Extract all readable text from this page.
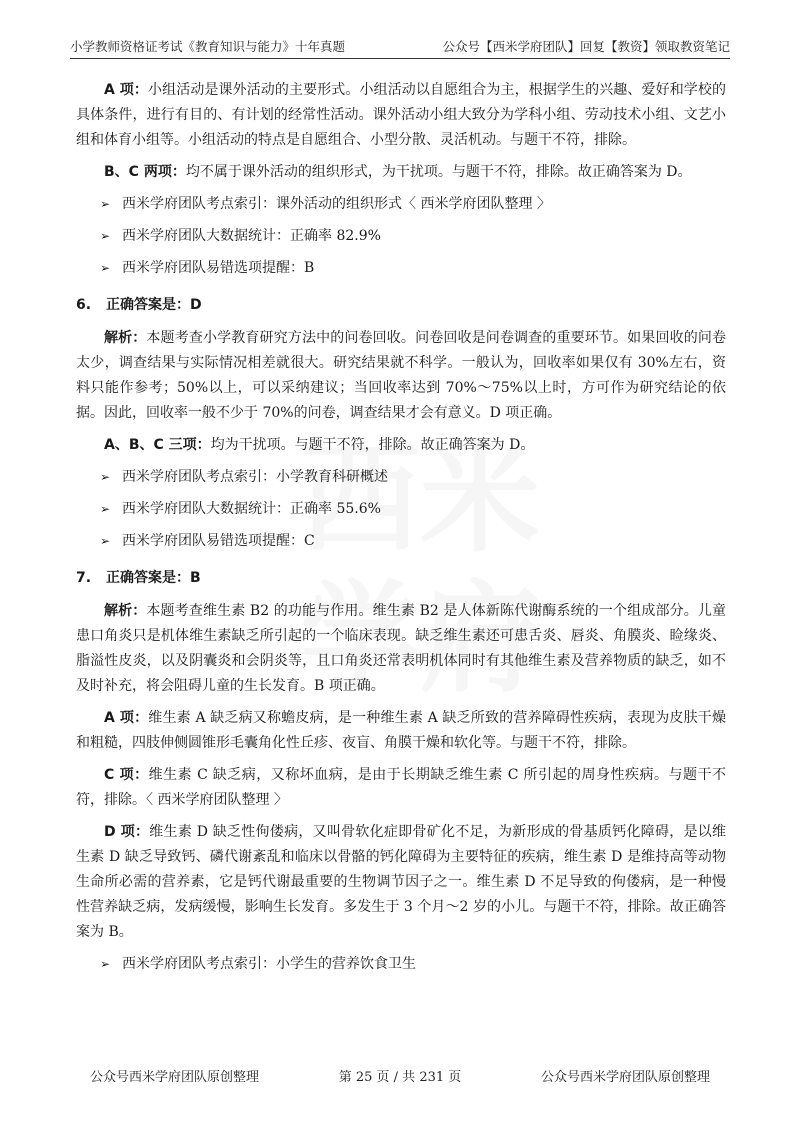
小学教师资格证考试《教育知识与能力》十年真题	公众号【西米学府团队】回复【教资】领取教资笔记

A 项：小组活动是课外活动的主要形式。小组活动以自愿组合为主，根据学生的兴趣、爱好和学校的具体条件，进行有目的、有计划的经常性活动。课外活动小组大致分为学科小组、劳动技术小组、文艺小组和体育小组等。小组活动的特点是自愿组合、小型分散、灵活机动。与题干不符，排除。

B、C 两项：均不属于课外活动的组织形式，为干扰项。与题干不符，排除。故正确答案为 D。

➢ 西米学府团队考点索引：课外活动的组织形式〈 西米学府团队整理 〉
➢ 西米学府团队大数据统计：正确率 82.9%
➢ 西米学府团队易错选项提醒：B
6. 正确答案是：D

解析：本题考查小学教育研究方法中的问卷回收。问卷回收是问卷调查的重要环节。如果回收的问卷太少，调查结果与实际情况相差就很大。研究结果就不科学。一般认为，回收率如果仅有 30%左右，资料只能作参考；50%以上，可以采纳建议；当回收率达到 70%～75%以上时，方可作为研究结论的依据。因此，回收率一般不少于 70%的问卷，调查结果才会有意义。D 项正确。

A、B、C 三项：均为干扰项。与题干不符，排除。故正确答案为 D。

➢ 西米学府团队考点索引：小学教育科研概述
➢ 西米学府团队大数据统计：正确率 55.6%
➢ 西米学府团队易错选项提醒：C
7. 正确答案是：B

解析：本题考查维生素 B2 的功能与作用。维生素 B2 是人体新陈代谢酶系统的一个组成部分。儿童患口角炎只是机体维生素缺乏所引起的一个临床表现。缺乏维生素还可患舌炎、唇炎、角膜炎、睑缘炎、脂溢性皮炎，以及阴囊炎和会阴炎等，且口角炎还常表明机体同时有其他维生素及营养物质的缺乏，如不及时补充，将会阻碍儿童的生长发育。B 项正确。

A 项：维生素 A 缺乏病又称蟾皮病，是一种维生素 A 缺乏所致的营养障碍性疾病，表现为皮肤干燥和粗糙，四肢伸侧圆锥形毛囊角化性丘疹、夜盲、角膜干燥和软化等。与题干不符，排除。

C 项：维生素 C 缺乏病，又称坏血病，是由于长期缺乏维生素 C 所引起的周身性疾病。与题干不符，排除。〈 西米学府团队整理 〉

D 项：维生素 D 缺乏性佝偻病，又叫骨软化症即骨矿化不足，为新形成的骨基质钙化障碍，是以维生素 D 缺乏导致钙、磷代谢紊乱和临床以骨骼的钙化障碍为主要特征的疾病，维生素 D 是维持高等动物生命所必需的营养素，它是钙代谢最重要的生物调节因子之一。维生素 D 不足导致的佝偻病，是一种慢性营养缺乏病，发病缓慢，影响生长发育。多发生于 3 个月～2 岁的小儿。与题干不符，排除。故正确答案为 B。

➢ 西米学府团队考点索引：小学生的营养饮食卫生
公众号西米学府团队原创整理	第 25 页 / 共 231 页	公众号西米学府团队原创整理
